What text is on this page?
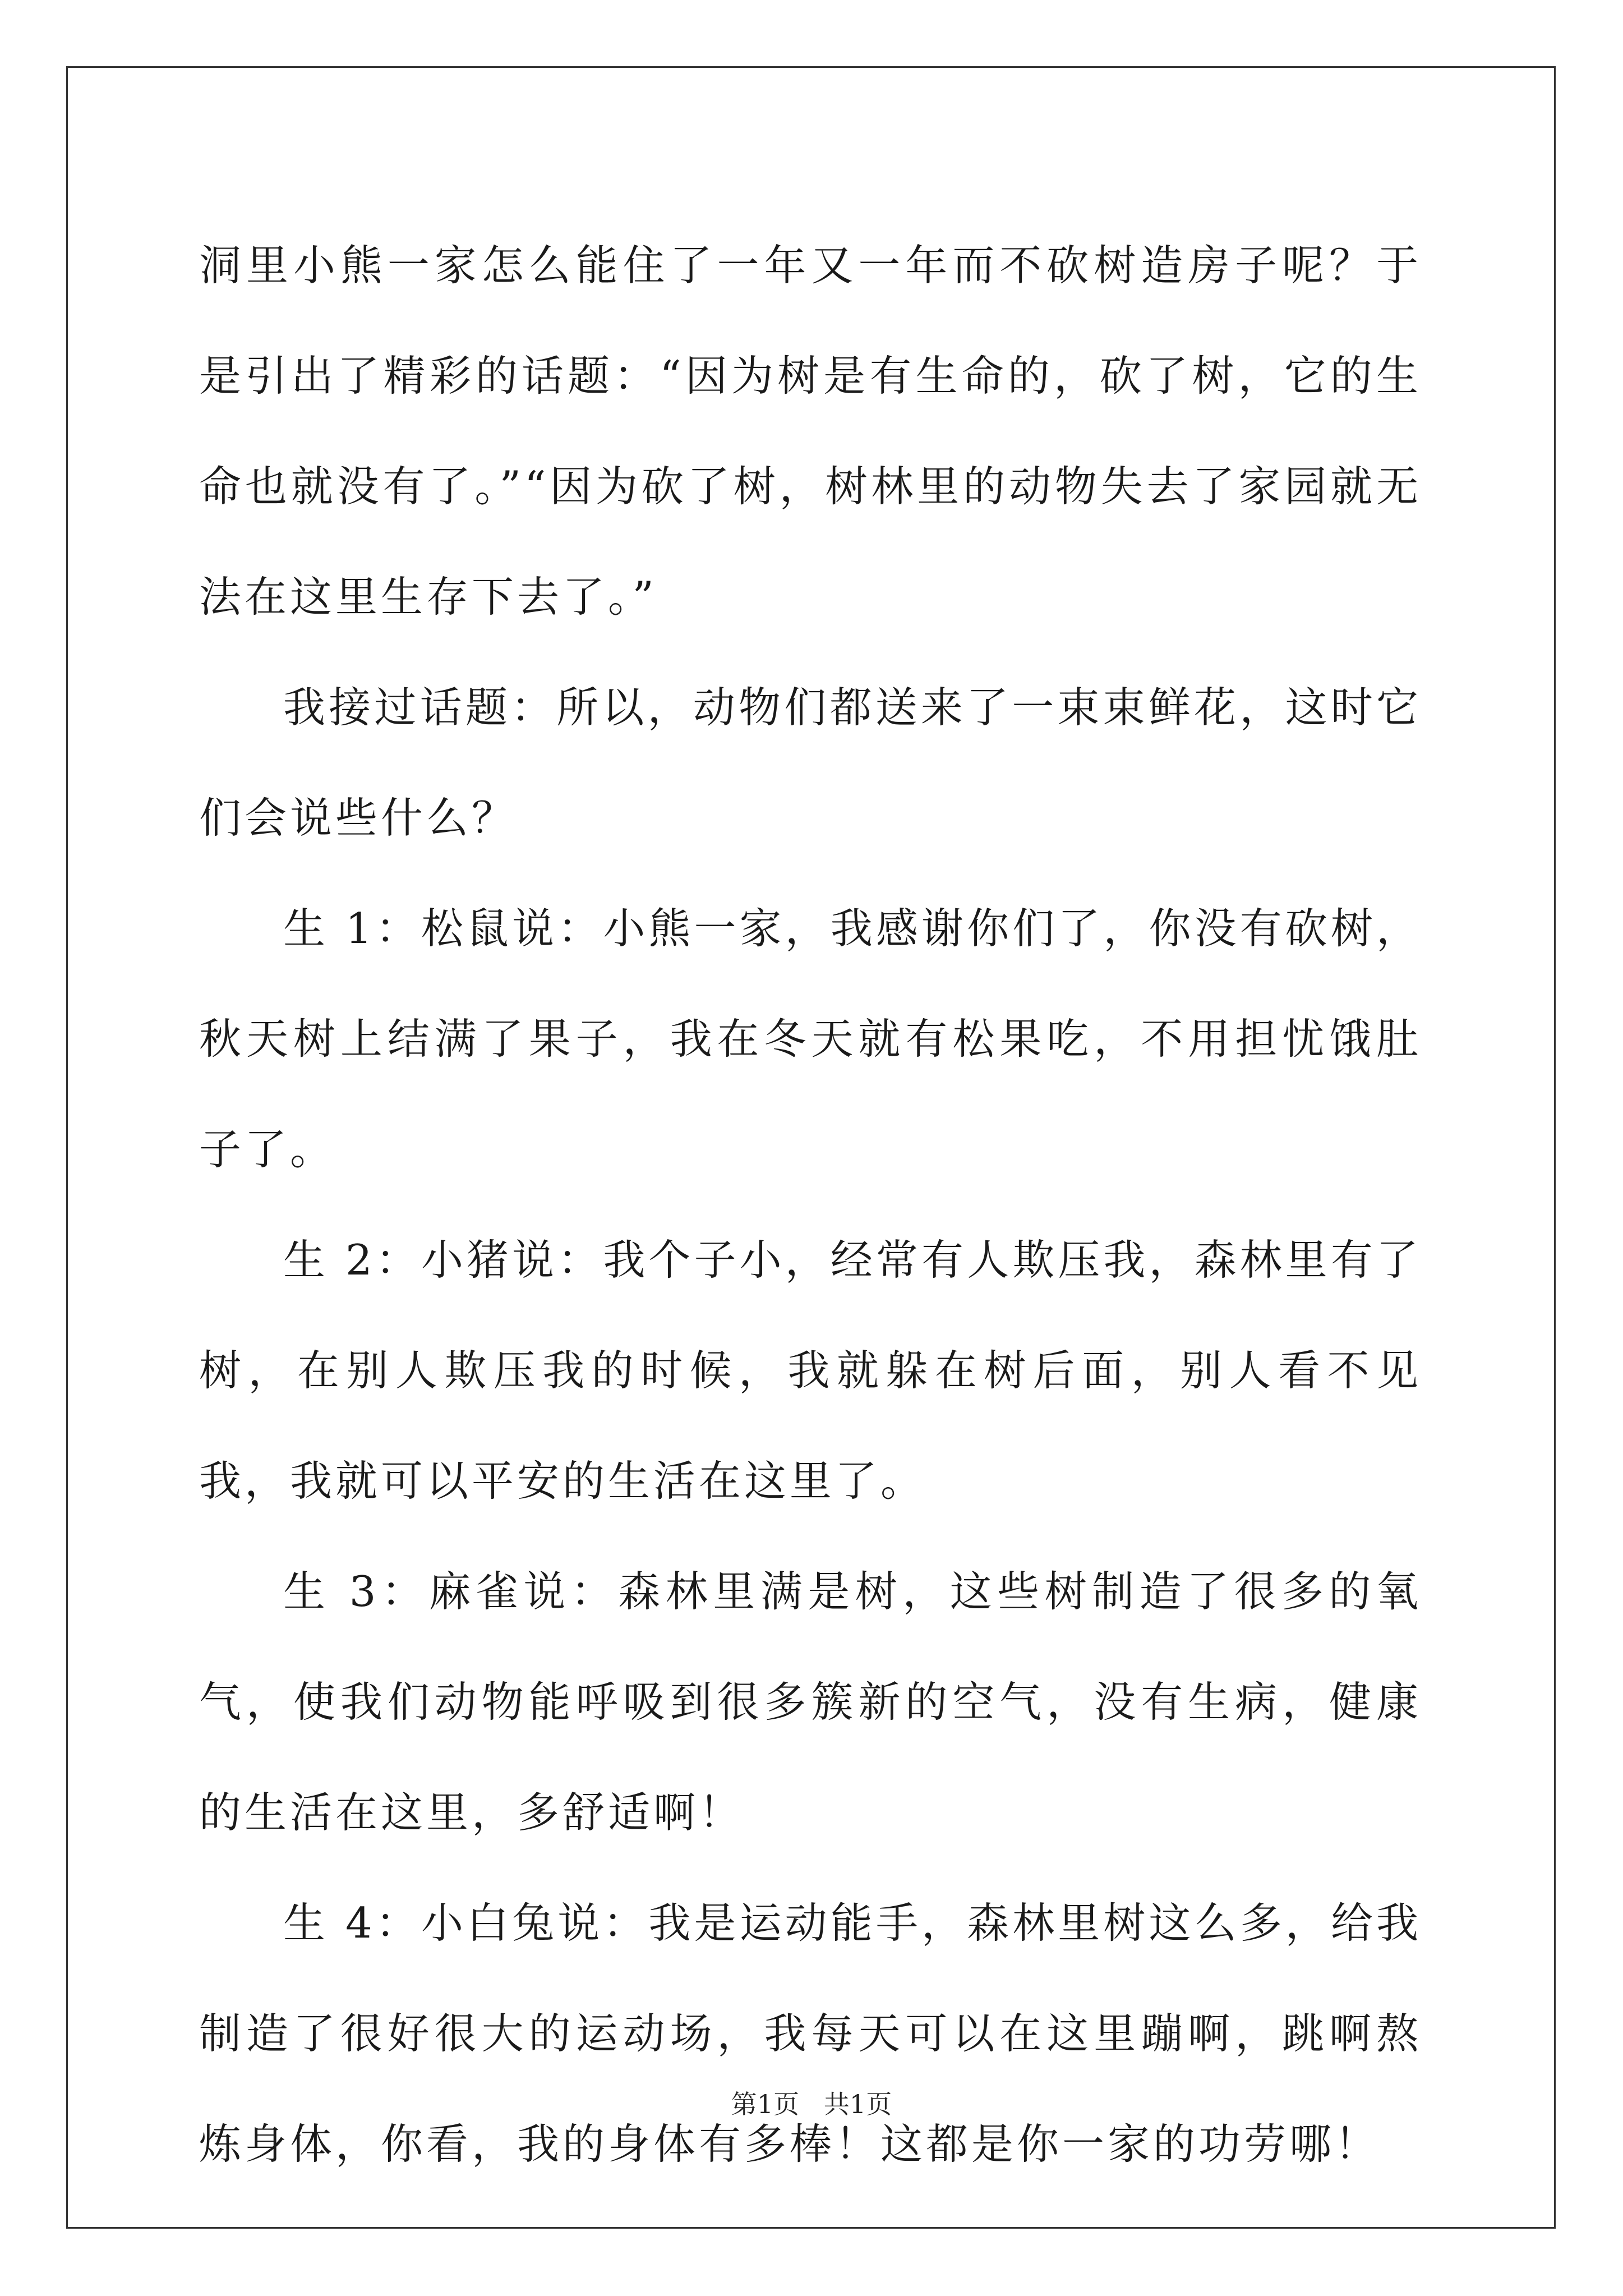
洞里小熊一家怎么能住了一年又一年而不砍树造房子呢？于是引出了精彩的话题：“因为树是有生命的，砍了树，它的生命也就没有了。”“因为砍了树，树林里的动物失去了家园就无法在这里生存下去了。”

我接过话题：所以，动物们都送来了一束束鲜花，这时它们会说些什么？

生 1：松鼠说：小熊一家，我感谢你们了，你没有砍树，秋天树上结满了果子，我在冬天就有松果吃，不用担忧饿肚子了。

生 2：小猪说：我个子小，经常有人欺压我，森林里有了树，在别人欺压我的时候，我就躲在树后面，别人看不见我，我就可以平安的生活在这里了。

生 3：麻雀说：森林里满是树，这些树制造了很多的氧气，使我们动物能呼吸到很多簇新的空气，没有生病，健康的生活在这里，多舒适啊！

生 4：小白兔说：我是运动能手，森林里树这么多，给我制造了很好很大的运动场，我每天可以在这里蹦啊，跳啊熬炼身体，你看，我的身体有多棒！这都是你一家的功劳哪！

第1页   共1页
